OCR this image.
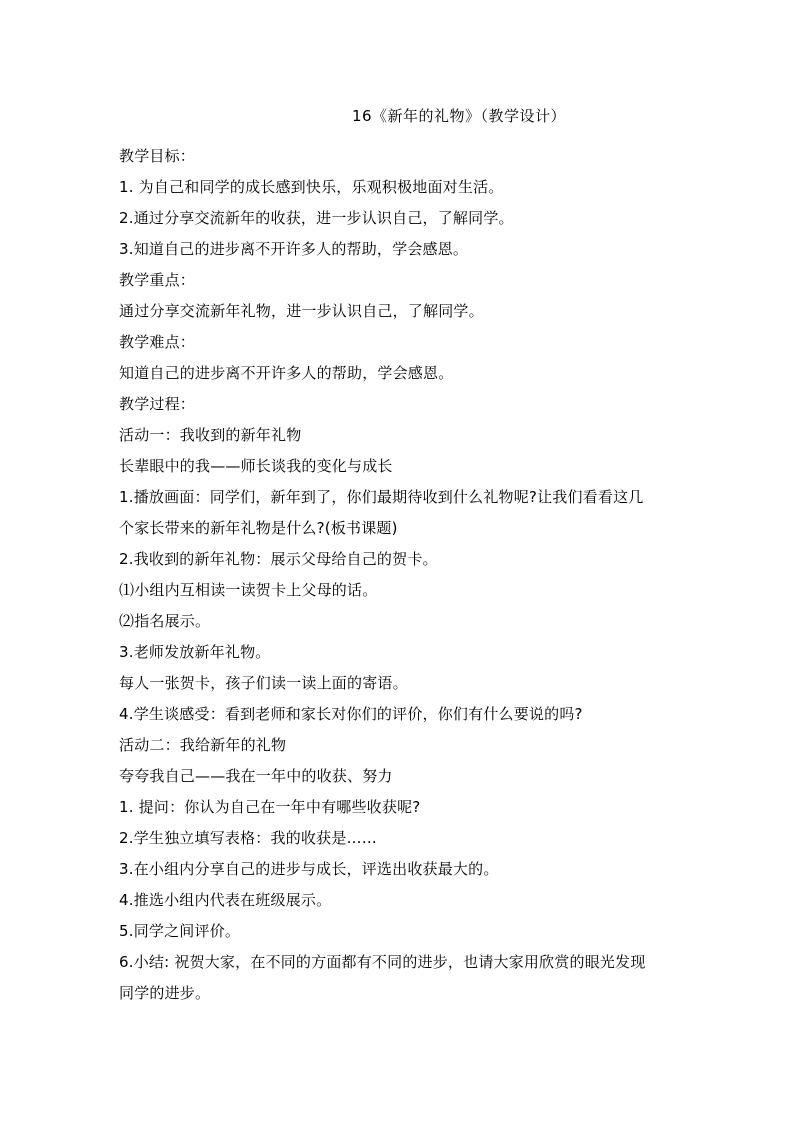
16《新年的礼物》（教学设计）
教学目标：
1. 为自己和同学的成长感到快乐，乐观积极地面对生活。
2.通过分享交流新年的收获，进一步认识自己，了解同学。
3.知道自己的进步离不开许多人的帮助，学会感恩。
教学重点：
通过分享交流新年礼物，进一步认识自己，了解同学。
教学难点：
知道自己的进步离不开许多人的帮助，学会感恩。
教学过程：
活动一：我收到的新年礼物
长辈眼中的我——师长谈我的变化与成长
1.播放画面：同学们，新年到了，你们最期待收到什么礼物呢?让我们看看这几
个家长带来的新年礼物是什么?(板书课题)
2.我收到的新年礼物：展示父母给自己的贺卡。
⑴小组内互相读一读贺卡上父母的话。
⑵指名展示。
3.老师发放新年礼物。
每人一张贺卡，孩子们读一读上面的寄语。
4.学生谈感受：看到老师和家长对你们的评价，你们有什么要说的吗?
活动二：我给新年的礼物
夸夸我自己——我在一年中的收获、努力
1. 提问：你认为自己在一年中有哪些收获呢?
2.学生独立填写表格：我的收获是……
3.在小组内分享自己的进步与成长，评选出收获最大的。
4.推选小组内代表在班级展示。
5.同学之间评价。
6.小结: 祝贺大家，在不同的方面都有不同的进步，也请大家用欣赏的眼光发现
同学的进步。
